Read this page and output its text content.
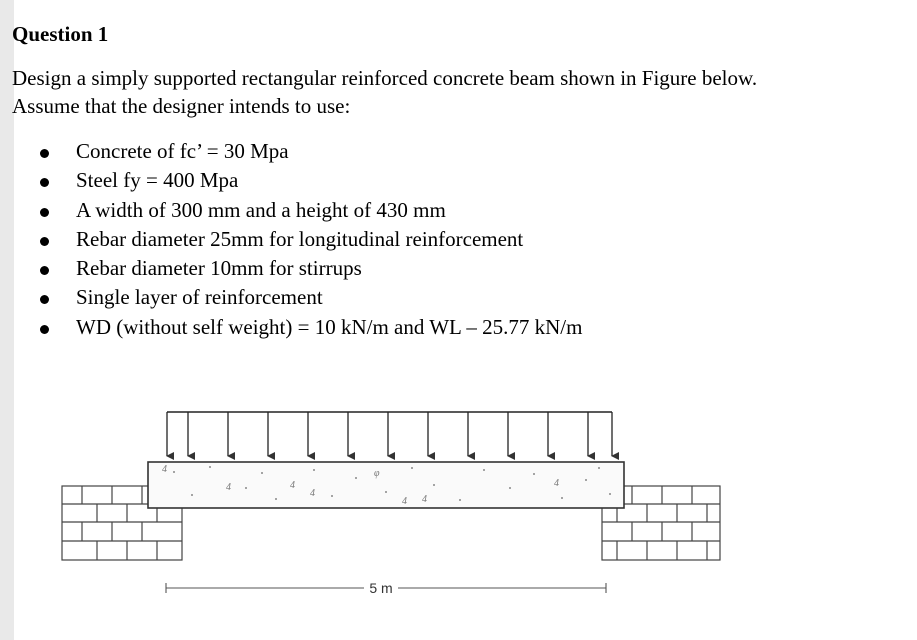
Question 1

Design a simply supported rectangular reinforced concrete beam shown in Figure below.

Assume that the designer intends to use:

Concrete of fc’ = 30 Mpa
Steel fy = 400 Mpa
A width of 300 mm and a height of 430 mm
Rebar diameter 25mm for longitudinal reinforcement
Rebar diameter 10mm for stirrups
Single layer of reinforcement
WD (without self weight) = 10 kN/m and WL – 25.77 kN/m
4
4	4
4
φ
4 4
4
5 m
